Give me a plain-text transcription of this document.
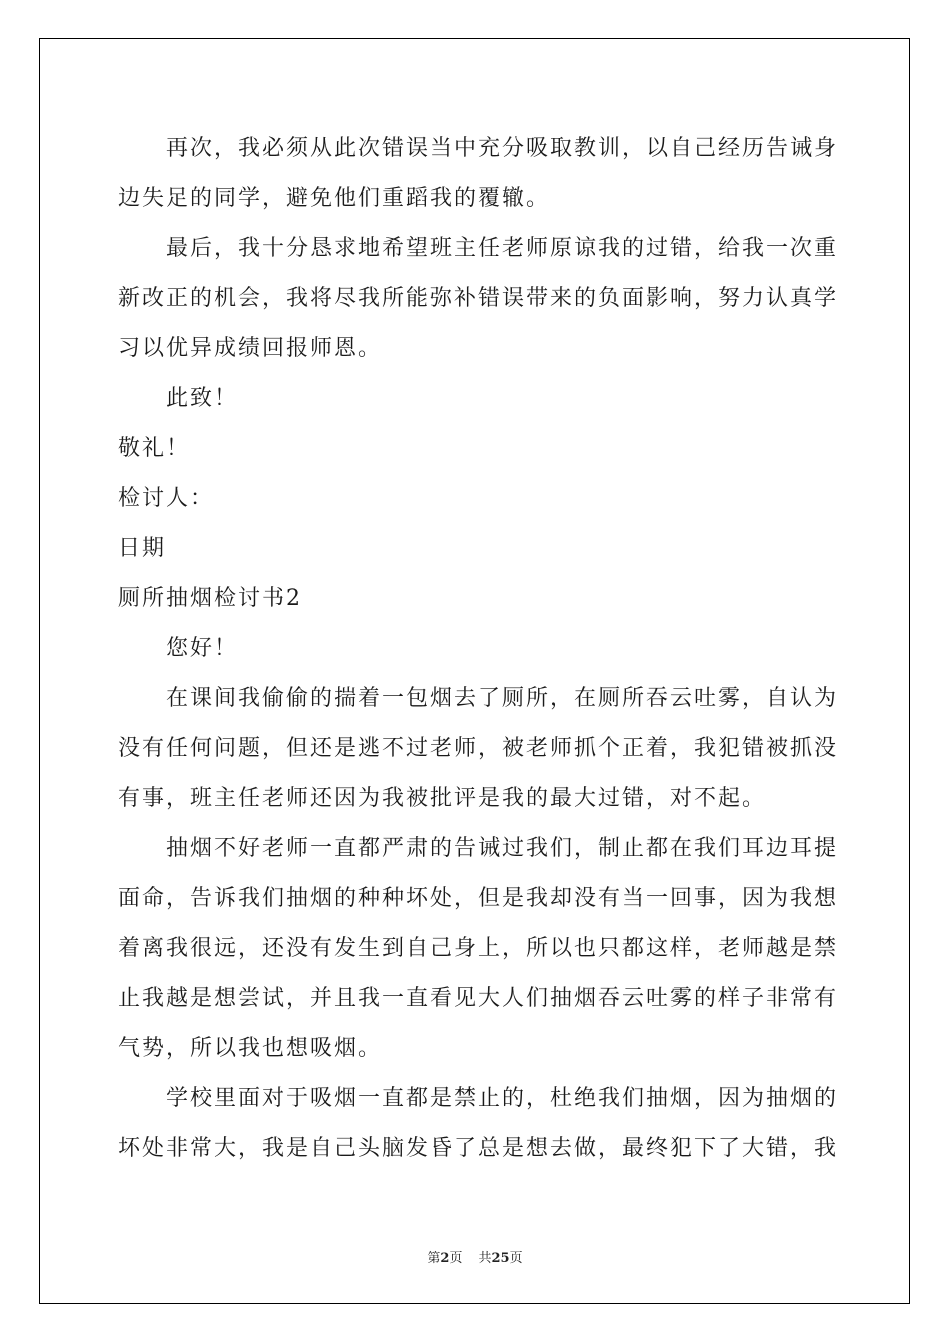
再次，我必须从此次错误当中充分吸取教训，以自己经历告诫身边失足的同学，避免他们重蹈我的覆辙。

最后，我十分恳求地希望班主任老师原谅我的过错，给我一次重新改正的机会，我将尽我所能弥补错误带来的负面影响，努力认真学习以优异成绩回报师恩。

此致！

敬礼！

检讨人：

日期

厕所抽烟检讨书2

您好！

在课间我偷偷的揣着一包烟去了厕所，在厕所吞云吐雾，自认为没有任何问题，但还是逃不过老师，被老师抓个正着，我犯错被抓没有事，班主任老师还因为我被批评是我的最大过错，对不起。

抽烟不好老师一直都严肃的告诫过我们，制止都在我们耳边耳提面命，告诉我们抽烟的种种坏处，但是我却没有当一回事，因为我想着离我很远，还没有发生到自己身上，所以也只都这样，老师越是禁止我越是想尝试，并且我一直看见大人们抽烟吞云吐雾的样子非常有气势，所以我也想吸烟。

学校里面对于吸烟一直都是禁止的，杜绝我们抽烟，因为抽烟的坏处非常大，我是自己头脑发昏了总是想去做，最终犯下了大错，我

第2页 共25页
